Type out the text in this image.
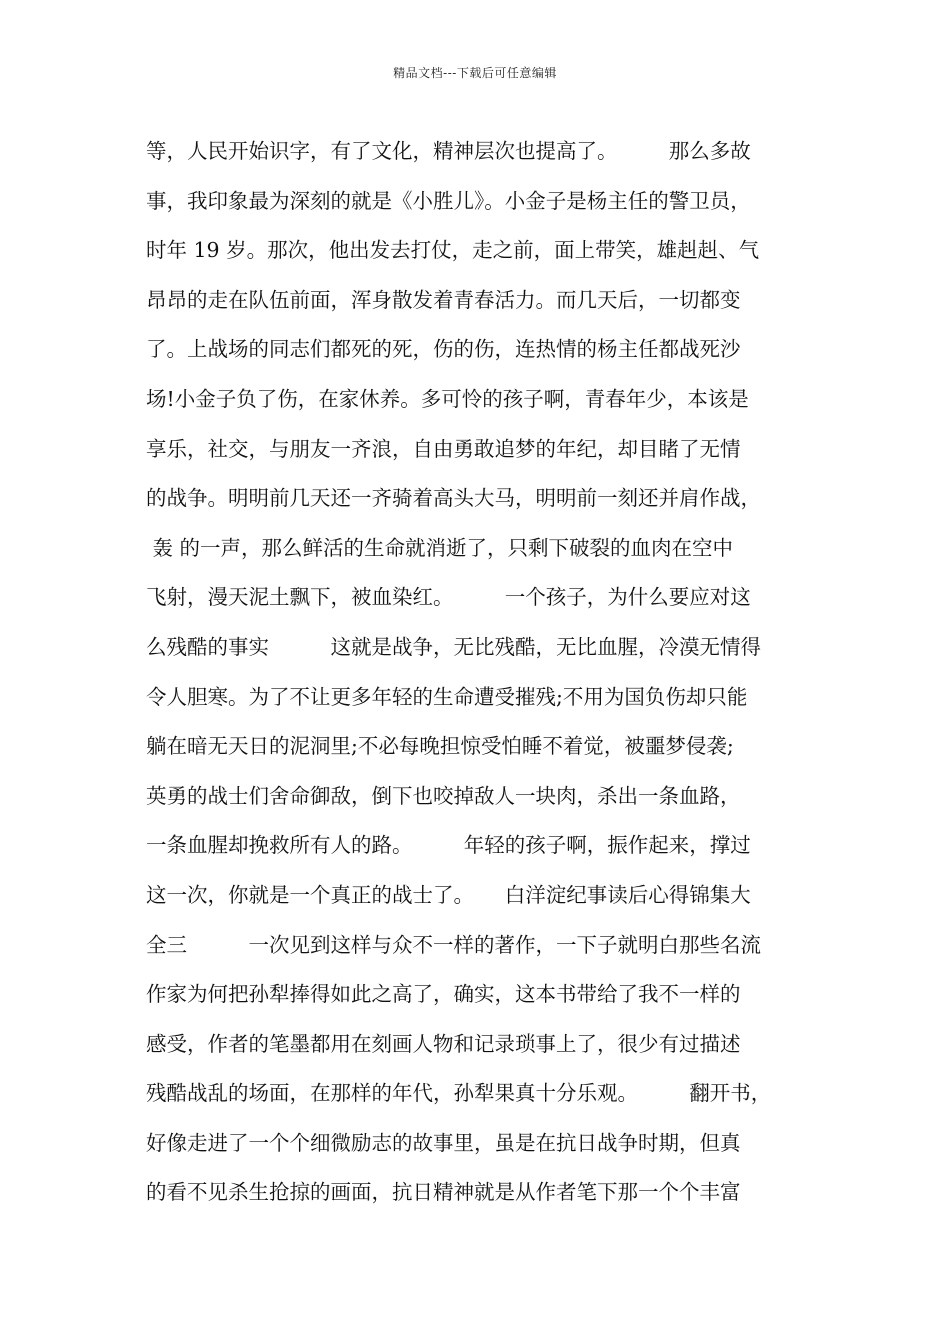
精品文档---下载后可任意编辑
等，人民开始识字，有了文化，精神层次也提高了。　　　那么多故
事，我印象最为深刻的就是《小胜儿》。小金子是杨主任的警卫员，
时年 19 岁。那次，他出发去打仗，走之前，面上带笑，雄赳赳、气
昂昂的走在队伍前面，浑身散发着青春活力。而几天后，一切都变
了。上战场的同志们都死的死，伤的伤，连热情的杨主任都战死沙
场!小金子负了伤，在家休养。多可怜的孩子啊，青春年少，本该是
享乐，社交，与朋友一齐浪，自由勇敢追梦的年纪，却目睹了无情
的战争。明明前几天还一齐骑着高头大马，明明前一刻还并肩作战，
轰 的一声，那么鲜活的生命就消逝了，只剩下破裂的血肉在空中
飞射，漫天泥土飘下，被血染红。　　　一个孩子，为什么要应对这
么残酷的事实　　　这就是战争，无比残酷，无比血腥，冷漠无情得
令人胆寒。为了不让更多年轻的生命遭受摧残;不用为国负伤却只能
躺在暗无天日的泥洞里;不必每晚担惊受怕睡不着觉，被噩梦侵袭;
英勇的战士们舍命御敌，倒下也咬掉敌人一块肉，杀出一条血路，
一条血腥却挽救所有人的路。　　　年轻的孩子啊，振作起来，撑过
这一次，你就是一个真正的战士了。　　白洋淀纪事读后心得锦集大
全三　　　一次见到这样与众不一样的著作，一下子就明白那些名流
作家为何把孙犁捧得如此之高了，确实，这本书带给了我不一样的
感受，作者的笔墨都用在刻画人物和记录琐事上了，很少有过描述
残酷战乱的场面，在那样的年代，孙犁果真十分乐观。　　　翻开书，
好像走进了一个个细微励志的故事里，虽是在抗日战争时期，但真
的看不见杀生抢掠的画面，抗日精神就是从作者笔下那一个个丰富
